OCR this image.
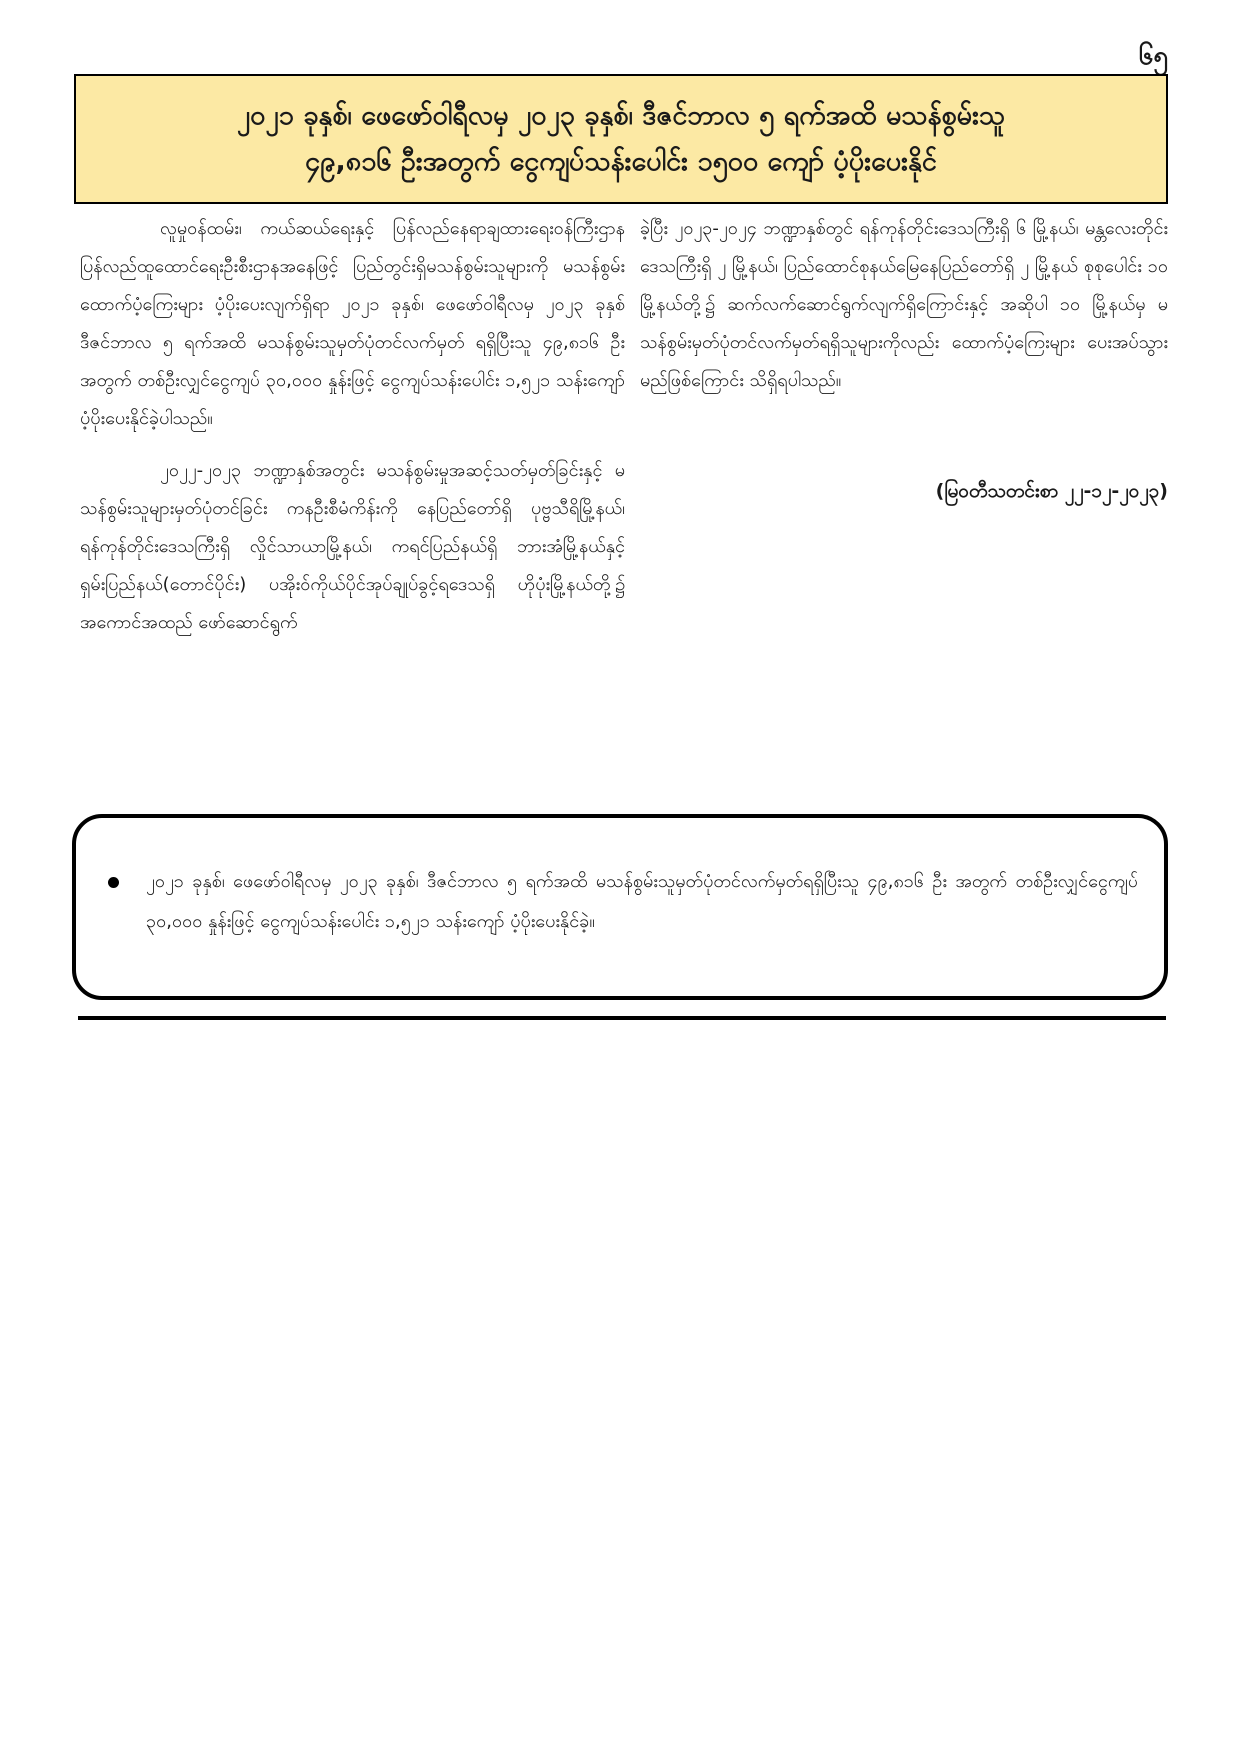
၆၅
၂၀၂၁ ခုနှစ်၊ ဖေဖော်ဝါရီလမှ ၂၀၂၃ ခုနှစ်၊ ဒီဇင်ဘာလ ၅ ရက်အထိ မသန်စွမ်းသူ
၄၉,၈၁၆ ဦးအတွက် ငွေကျပ်သန်းပေါင်း ၁၅၀၀ ကျော် ပံ့ပိုးပေးနိုင်

လူမှုဝန်ထမ်း၊ ကယ်ဆယ်ရေးနှင့် ပြန်လည်နေရာချထားရေးဝန်ကြီးဌာန ပြန်လည်ထူထောင်ရေးဦးစီးဌာနအနေဖြင့် ပြည်တွင်းရှိမသန်စွမ်းသူများကို မသန်စွမ်း ထောက်ပံ့ကြေးများ ပံ့ပိုးပေးလျက်ရှိရာ ၂၀၂၁ ခုနှစ်၊ ဖေဖော်ဝါရီလမှ ၂၀၂၃ ခုနှစ် ဒီဇင်ဘာလ ၅ ရက်အထိ မသန်စွမ်းသူမှတ်ပုံတင်လက်မှတ် ရရှိပြီးသူ ၄၉,၈၁၆ ဦးအတွက် တစ်ဦးလျှင်ငွေကျပ် ၃၀,၀၀၀ နှုန်းဖြင့် ငွေကျပ်သန်းပေါင်း ၁,၅၂၁ သန်းကျော် ပံ့ပိုးပေးနိုင်ခဲ့ပါသည်။

၂၀၂၂-၂၀၂၃ ဘဏ္ဍာနှစ်အတွင်း မသန်စွမ်းမှုအဆင့်သတ်မှတ်ခြင်းနှင့် မသန်စွမ်းသူများမှတ်ပုံတင်ခြင်း ကနဦးစီမံကိန်းကို နေပြည်တော်ရှိ ပုဗ္ဗသီရိမြို့နယ်၊ ရန်ကုန်တိုင်းဒေသကြီးရှိ လှိုင်သာယာမြို့နယ်၊ ကရင်ပြည်နယ်ရှိ ဘားအံမြို့နယ်နှင့် ရှမ်းပြည်နယ်(တောင်ပိုင်း) ပအိုးဝ်ကိုယ်ပိုင်အုပ်ချုပ်ခွင့်ရဒေသရှိ ဟိုပုံးမြို့နယ်တို့၌ အကောင်အထည် ဖော်ဆောင်ရွက်

ခဲ့ပြီး ၂၀၂၃-၂၀၂၄ ဘဏ္ဍာနှစ်တွင် ရန်ကုန်တိုင်းဒေသကြီးရှိ ၆ မြို့နယ်၊ မန္တလေးတိုင်းဒေသကြီးရှိ ၂ မြို့နယ်၊ ပြည်ထောင်စုနယ်မြေနေပြည်တော်ရှိ ၂ မြို့နယ် စုစုပေါင်း ၁၀ မြို့နယ်တို့၌ ဆက်လက်ဆောင်ရွက်လျက်ရှိကြောင်းနှင့် အဆိုပါ ၁၀ မြို့နယ်မှ မသန်စွမ်းမှတ်ပုံတင်လက်မှတ်ရရှိသူများကိုလည်း ထောက်ပံ့ကြေးများ ပေးအပ်သွားမည်ဖြစ်ကြောင်း သိရှိရပါသည်။

(မြဝတီသတင်းစာ ၂၂-၁၂-၂၀၂၃)
၂၀၂၁ ခုနှစ်၊ ဖေဖော်ဝါရီလမှ ၂၀၂၃ ခုနှစ်၊ ဒီဇင်ဘာလ ၅ ရက်အထိ မသန်စွမ်းသူမှတ်ပုံတင်လက်မှတ်ရရှိပြီးသူ ၄၉,၈၁၆ ဦး အတွက် တစ်ဦးလျှင်ငွေကျပ် ၃၀,၀၀၀ နှုန်းဖြင့် ငွေကျပ်သန်းပေါင်း ၁,၅၂၁ သန်းကျော် ပံ့ပိုးပေးနိုင်ခဲ့။
